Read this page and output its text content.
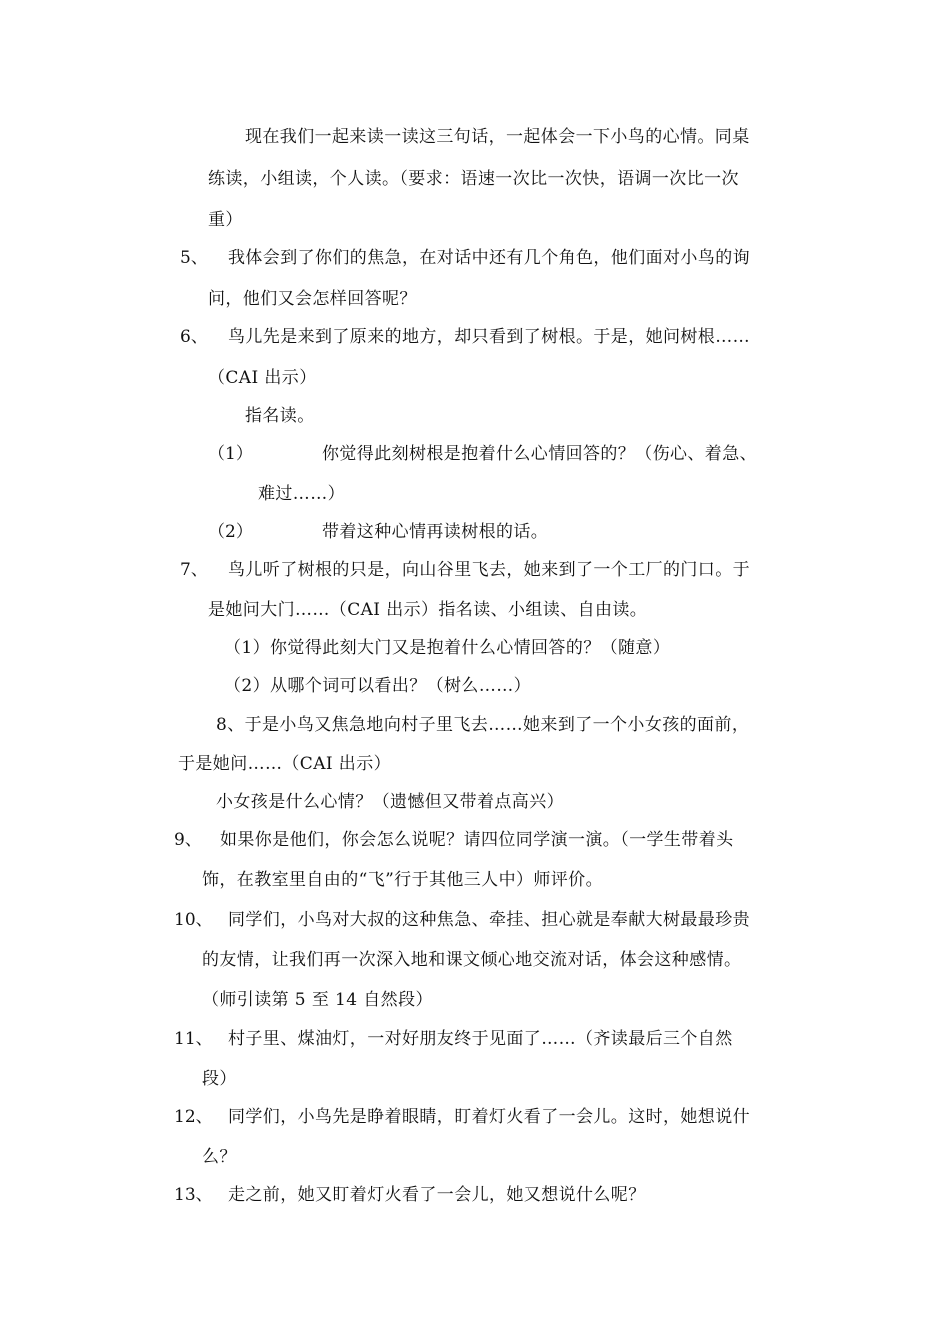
现在我们一起来读一读这三句话，一起体会一下小鸟的心情。同桌
练读，小组读，个人读。（要求：语速一次比一次快，语调一次比一次
重）
5、 我体会到了你们的焦急，在对话中还有几个角色，他们面对小鸟的询
问，他们又会怎样回答呢？
6、 鸟儿先是来到了原来的地方，却只看到了树根。于是，她问树根……
（CAI 出示）
指名读。
（1）	你觉得此刻树根是抱着什么心情回答的？（伤心、着急、
难过……）
（2）	带着这种心情再读树根的话。
7、 鸟儿听了树根的只是，向山谷里飞去，她来到了一个工厂的门口。于
是她问大门……（CAI 出示）指名读、小组读、自由读。
（1）你觉得此刻大门又是抱着什么心情回答的？（随意）
（2）从哪个词可以看出？（树么……）
8、于是小鸟又焦急地向村子里飞去……她来到了一个小女孩的面前，
于是她问……（CAI 出示）
小女孩是什么心情？（遗憾但又带着点高兴）
9、 如果你是他们，你会怎么说呢？请四位同学演一演。（一学生带着头
饰，在教室里自由的“飞”行于其他三人中）师评价。
10、 同学们，小鸟对大叔的这种焦急、牵挂、担心就是奉献大树最最珍贵
的友情，让我们再一次深入地和课文倾心地交流对话，体会这种感情。
（师引读第 5 至 14 自然段）
11、 村子里、煤油灯，一对好朋友终于见面了……（齐读最后三个自然
段）
12、 同学们，小鸟先是睁着眼睛，盯着灯火看了一会儿。这时，她想说什
么？
13、 走之前，她又盯着灯火看了一会儿，她又想说什么呢？
